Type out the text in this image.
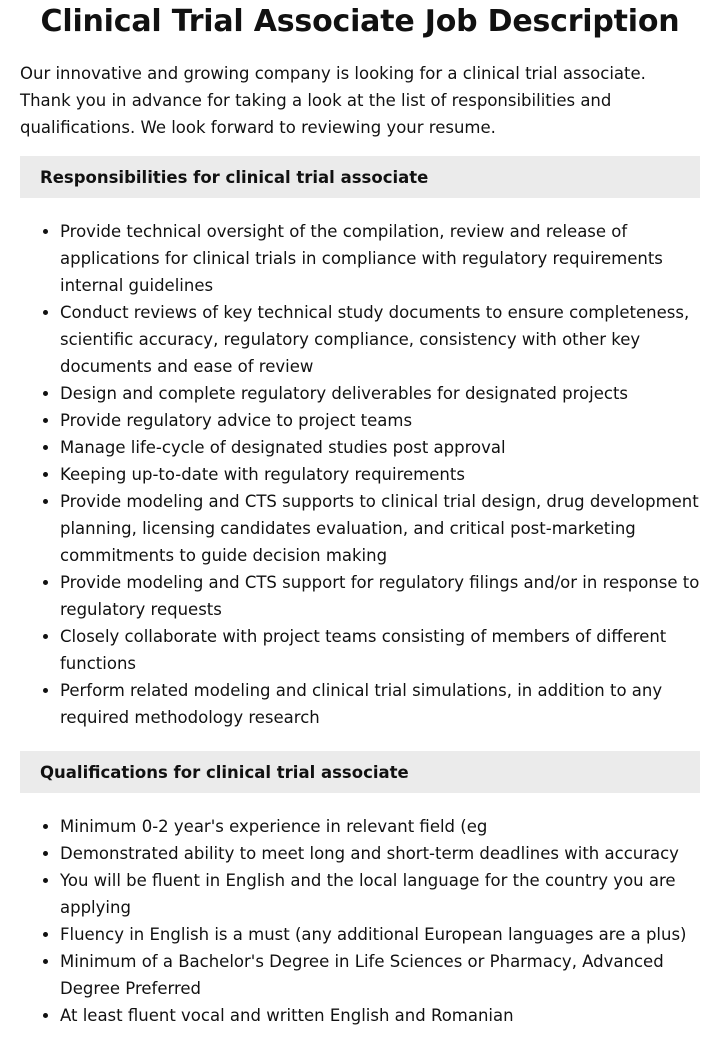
Clinical Trial Associate Job Description

Our innovative and growing company is looking for a clinical trial associate. Thank you in advance for taking a look at the list of responsibilities and qualifications. We look forward to reviewing your resume.

Responsibilities for clinical trial associate
• Provide technical oversight of the compilation, review and release of applications for clinical trials in compliance with regulatory requirements internal guidelines
• Conduct reviews of key technical study documents to ensure completeness, scientific accuracy, regulatory compliance, consistency with other key documents and ease of review
• Design and complete regulatory deliverables for designated projects
• Provide regulatory advice to project teams
• Manage life-cycle of designated studies post approval
• Keeping up-to-date with regulatory requirements
• Provide modeling and CTS supports to clinical trial design, drug development planning, licensing candidates evaluation, and critical post-marketing commitments to guide decision making
• Provide modeling and CTS support for regulatory filings and/or in response to regulatory requests
• Closely collaborate with project teams consisting of members of different functions
• Perform related modeling and clinical trial simulations, in addition to any required methodology research
Qualifications for clinical trial associate
• Minimum 0-2 year's experience in relevant field (eg
• Demonstrated ability to meet long and short-term deadlines with accuracy
• You will be fluent in English and the local language for the country you are applying
• Fluency in English is a must (any additional European languages are a plus)
• Minimum of a Bachelor's Degree in Life Sciences or Pharmacy, Advanced Degree Preferred
• At least fluent vocal and written English and Romanian
